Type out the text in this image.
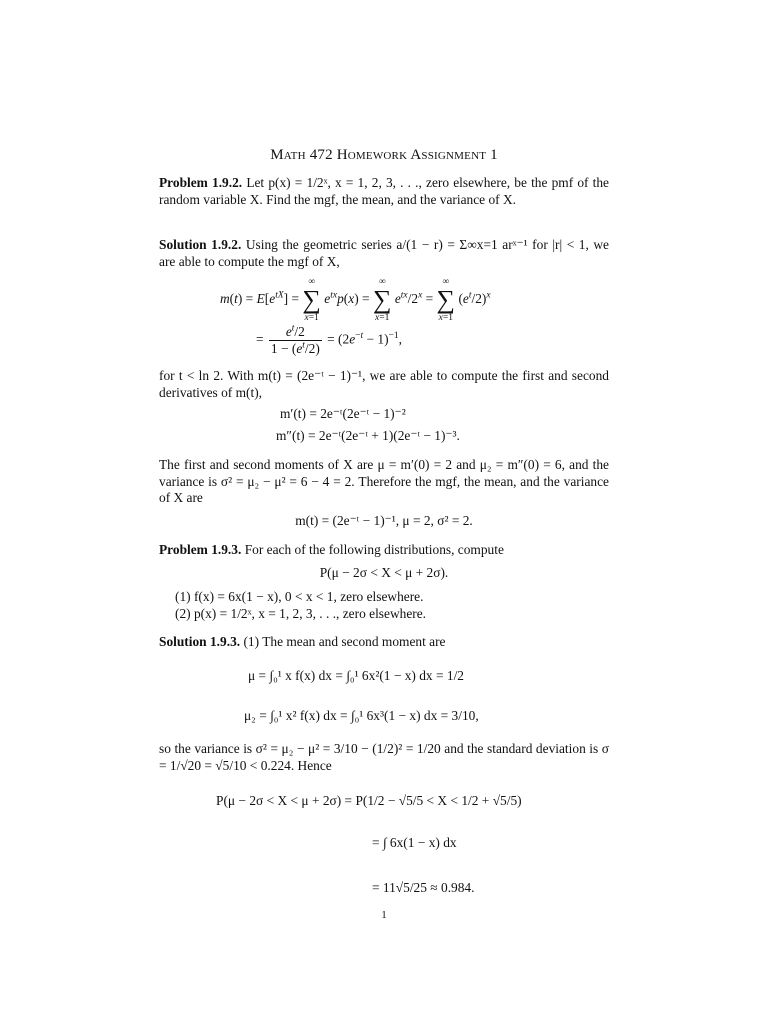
Math 472 Homework Assignment 1
Problem 1.9.2. Let p(x) = 1/2ˣ, x = 1, 2, 3, . . ., zero elsewhere, be the pmf of the random variable X. Find the mgf, the mean, and the variance of X.
Solution 1.9.2. Using the geometric series a/(1 − r) = Σ∞x=1 arˣ⁻¹ for |r| < 1, we are able to compute the mgf of X,
$m(t) = E[e^{tX}]$ =
∞
∑
x=1
$e^{tx}p(x)$ =
∞
∑
x=1
$e^{tx}/2^x$ =
∞
∑
x=1
$(e^t/2)^x$
= $\frac{e^t/2}{1 - (e^t/2)} = (2e^{-t} - 1)^{-1}$,
for t < ln 2. With m(t) = (2e⁻ᵗ − 1)⁻¹, we are able to compute the first and second derivatives of m(t),
m′(t) = 2e⁻ᵗ(2e⁻ᵗ − 1)⁻²
m″(t) = 2e⁻ᵗ(2e⁻ᵗ + 1)(2e⁻ᵗ − 1)⁻³.
The first and second moments of X are μ = m′(0) = 2 and μ₂ = m″(0) = 6, and the variance is σ² = μ₂ − μ² = 6 − 4 = 2. Therefore the mgf, the mean, and the variance of X are
m(t) = (2e⁻ᵗ − 1)⁻¹, μ = 2, σ² = 2.
Problem 1.9.3. For each of the following distributions, compute
P(μ − 2σ < X < μ + 2σ).
(1) f(x) = 6x(1 − x), 0 < x < 1, zero elsewhere.
(2) p(x) = 1/2ˣ, x = 1, 2, 3, . . ., zero elsewhere.
Solution 1.9.3. (1) The mean and second moment are
μ = ∫₀¹ x f(x) dx = ∫₀¹ 6x²(1 − x) dx = 1/2
μ₂ = ∫₀¹ x² f(x) dx = ∫₀¹ 6x³(1 − x) dx = 3/10,
so the variance is σ² = μ₂ − μ² = 3/10 − (1/2)² = 1/20 and the standard deviation is σ = 1/√20 = √5/10 < 0.224. Hence
P(μ − 2σ < X < μ + 2σ) = P(1/2 − √5/5 < X < 1/2 + √5/5)
= ∫ 6x(1 − x) dx
= 11√5/25 ≈ 0.984.
1
